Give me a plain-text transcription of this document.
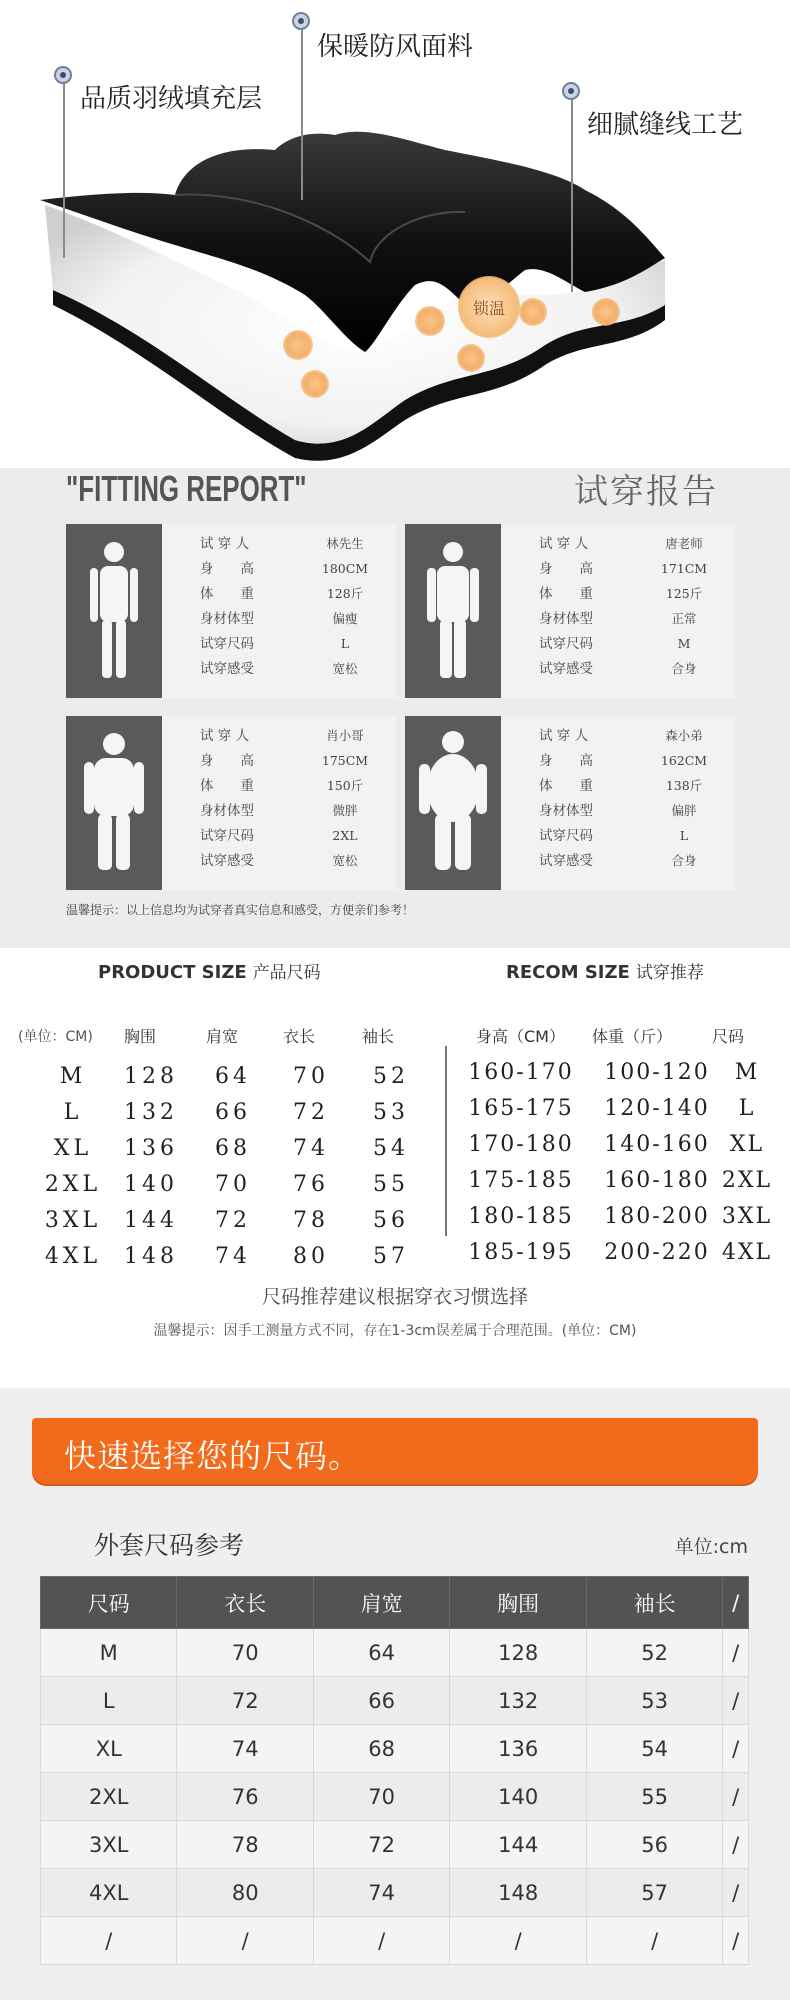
锁温
品质羽绒填充层
保暖防风面料
细腻缝线工艺
"FITTING REPORT"	试穿报告
试 穿 人	林先生
身　　高	180CM
体　　重	128斤
身材体型	偏瘦
试穿尺码	L
试穿感受	宽松
试 穿 人	唐老师
身　　高	171CM
体　　重	125斤
身材体型	正常
试穿尺码	M
试穿感受	合身
试 穿 人	肖小哥
身　　高	175CM
体　　重	150斤
身材体型	微胖
试穿尺码	2XL
试穿感受	宽松
试 穿 人	森小弟
身　　高	162CM
体　　重	138斤
身材体型	偏胖
试穿尺码	L
试穿感受	合身
温馨提示：以上信息均为试穿者真实信息和感受，方便亲们参考！
PRODUCT SIZE 产品尺码	RECOM SIZE 试穿推荐
(单位：CM) 胸围	肩宽	衣长	袖长	身高（CM） 体重（斤） 尺码
M	128	64	70	52
L	132	66	72	53
XL	136	68	74	54
2XL	140	70	76	55
3XL	144	72	78	56
4XL	148	74	80	57
160-170	100-120	M
165-175	120-140	L
170-180	140-160 XL
175-185	160-180 2XL
180-185	180-200 3XL
185-195	200-220 4XL
尺码推荐建议根据穿衣习惯选择
温馨提示：因手工测量方式不同，存在1-3cm误差属于合理范围。(单位：CM)
快速选择您的尺码。
外套尺码参考	单位:cm
尺码	衣长	肩宽	胸围	袖长	/
M	70	64	128	52	/
L	72	66	132	53	/
XL	74	68	136	54	/
2XL	76	70	140	55	/
3XL	78	72	144	56	/
4XL	80	74	148	57	/
/	/	/	/	/	/
